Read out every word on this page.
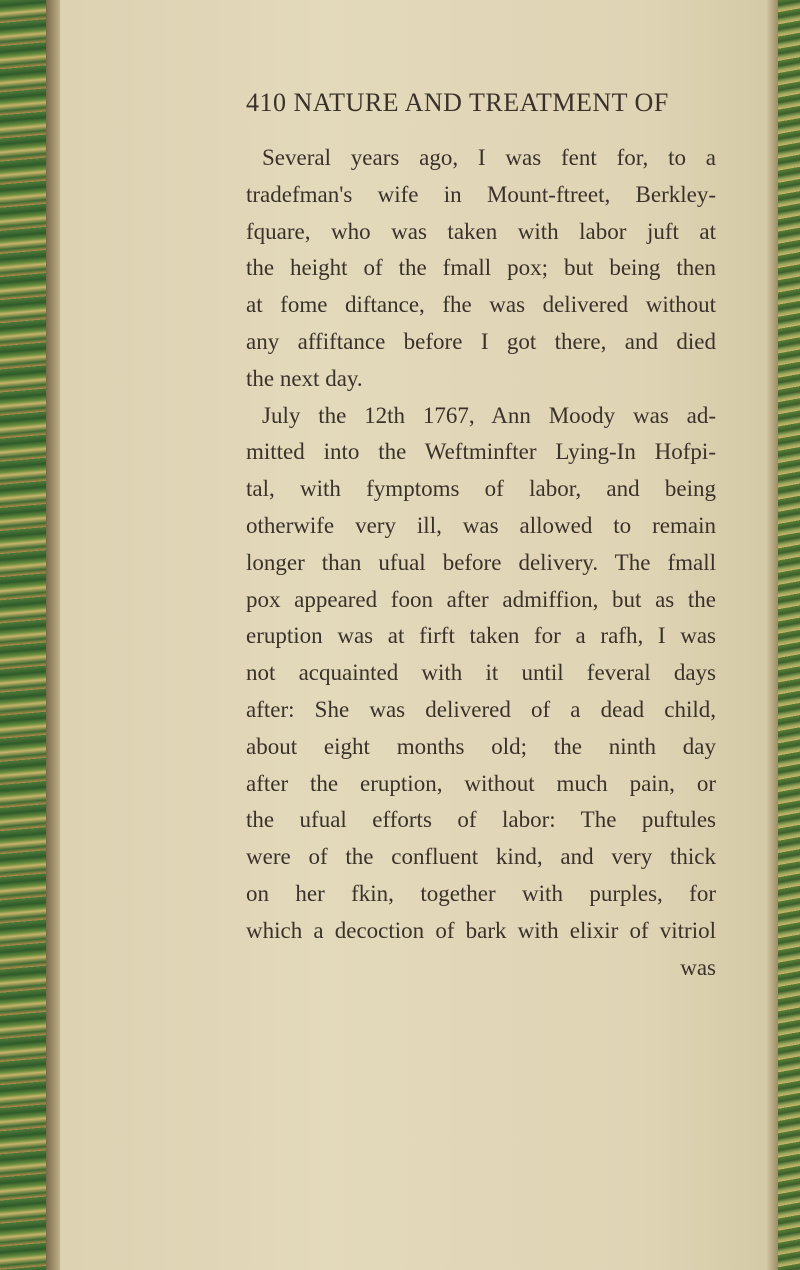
410 NATURE AND TREATMENT OF
Several years ago, I was fent for, to a
tradefman's wife in Mount-ftreet, Berkley-
fquare, who was taken with labor juft at
the height of the fmall pox; but being then
at fome diftance, fhe was delivered without
any affiftance before I got there, and died
the next day.
July the 12th 1767, Ann Moody was ad-
mitted into the Weftminfter Lying-In Hofpi-
tal, with fymptoms of labor, and being
otherwife very ill, was allowed to remain
longer than ufual before delivery. The fmall
pox appeared foon after admiffion, but as the
eruption was at firft taken for a rafh, I was
not acquainted with it until feveral days
after: She was delivered of a dead child,
about eight months old; the ninth day
after the eruption, without much pain, or
the ufual efforts of labor: The puftules
were of the confluent kind, and very thick
on her fkin, together with purples, for
which a decoction of bark with elixir of vitriol
was
